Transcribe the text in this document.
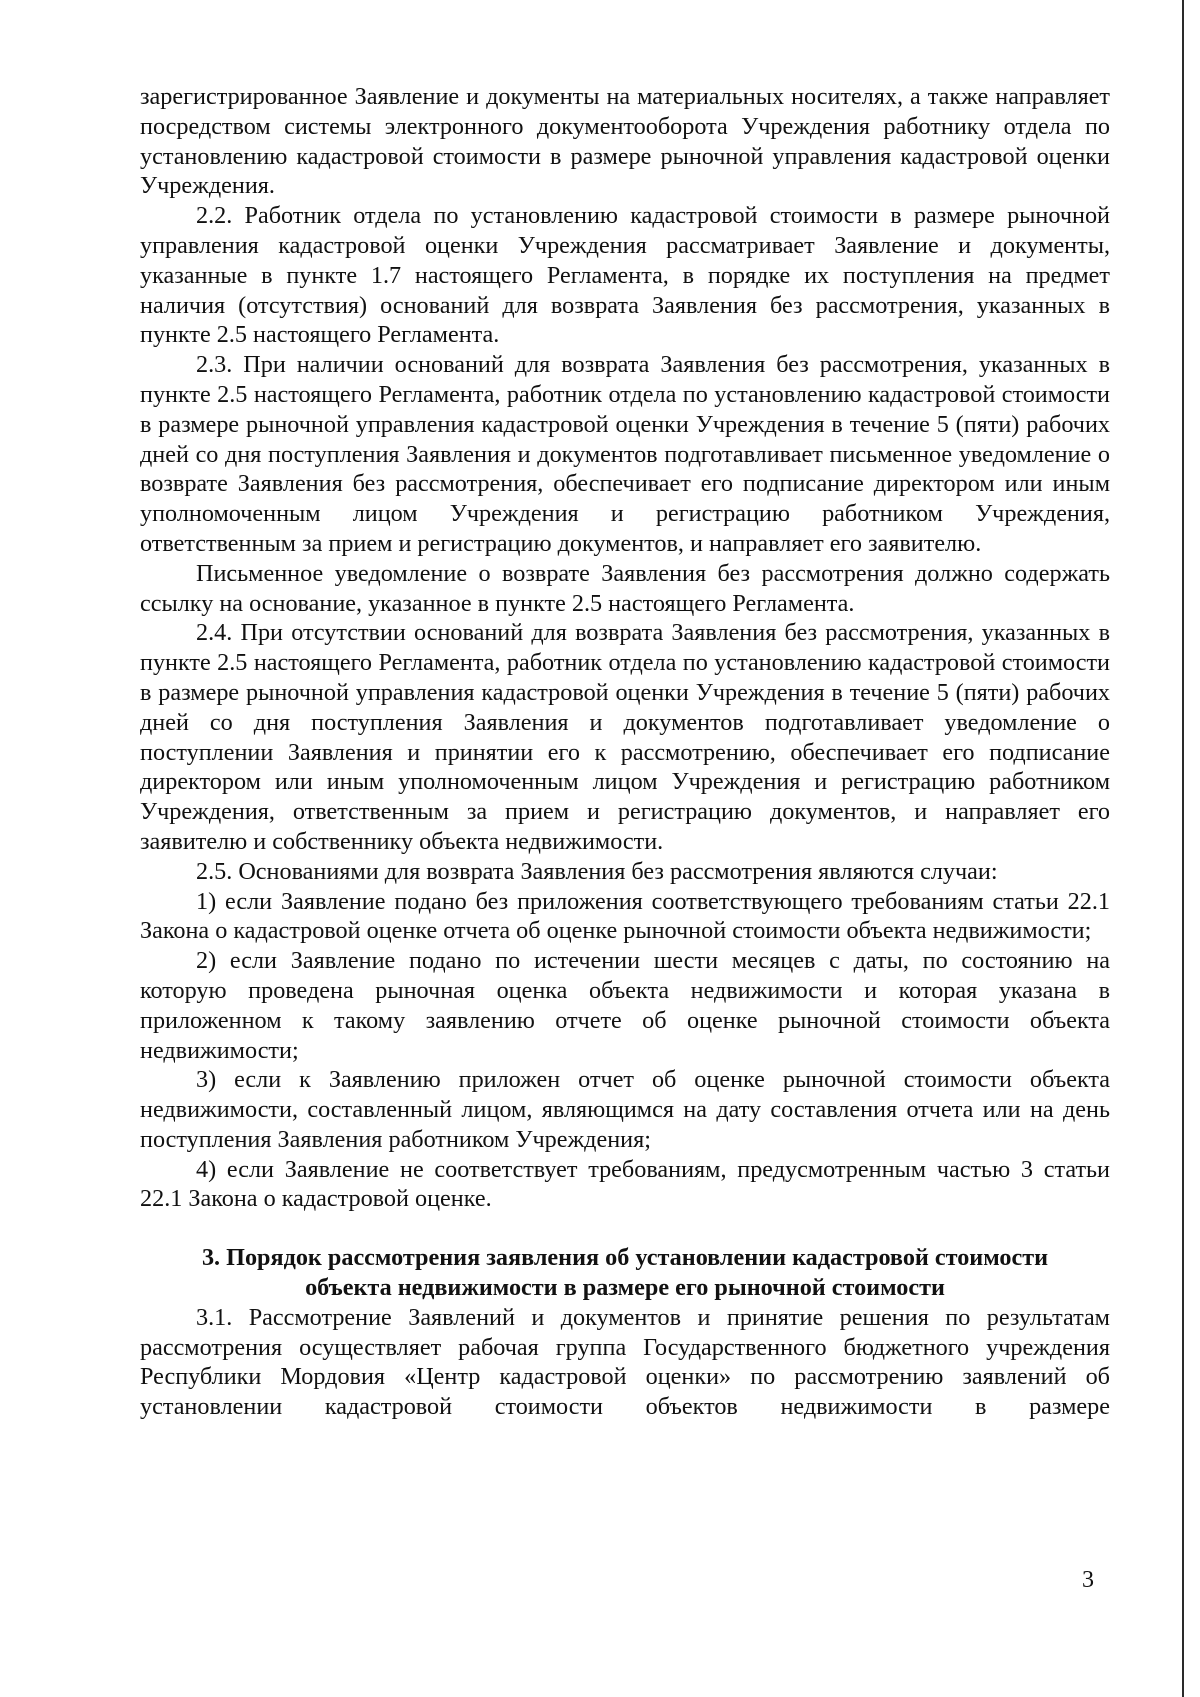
зарегистрированное Заявление и документы на материальных носителях, а также направляет посредством системы электронного документооборота Учреждения работнику отдела по установлению кадастровой стоимости в размере рыночной управления кадастровой оценки Учреждения.

2.2. Работник отдела по установлению кадастровой стоимости в размере рыночной управления кадастровой оценки Учреждения рассматривает Заявление и документы, указанные в пункте 1.7 настоящего Регламента, в порядке их поступления на предмет наличия (отсутствия) оснований для возврата Заявления без рассмотрения, указанных в пункте 2.5 настоящего Регламента.

2.3. При наличии оснований для возврата Заявления без рассмотрения, указанных в пункте 2.5 настоящего Регламента, работник отдела по установлению кадастровой стоимости в размере рыночной управления кадастровой оценки Учреждения в течение 5 (пяти) рабочих дней со дня поступления Заявления и документов подготавливает письменное уведомление о возврате Заявления без рассмотрения, обеспечивает его подписание директором или иным уполномоченным лицом Учреждения и регистрацию работником Учреждения, ответственным за прием и регистрацию документов, и направляет его заявителю.

Письменное уведомление о возврате Заявления без рассмотрения должно содержать ссылку на основание, указанное в пункте 2.5 настоящего Регламента.

2.4. При отсутствии оснований для возврата Заявления без рассмотрения, указанных в пункте 2.5 настоящего Регламента, работник отдела по установлению кадастровой стоимости в размере рыночной управления кадастровой оценки Учреждения в течение 5 (пяти) рабочих дней со дня поступления Заявления и документов подготавливает уведомление о поступлении Заявления и принятии его к рассмотрению, обеспечивает его подписание директором или иным уполномоченным лицом Учреждения и регистрацию работником Учреждения, ответственным за прием и регистрацию документов, и направляет его заявителю и собственнику объекта недвижимости.

2.5. Основаниями для возврата Заявления без рассмотрения являются случаи:

1) если Заявление подано без приложения соответствующего требованиям статьи 22.1 Закона о кадастровой оценке отчета об оценке рыночной стоимости объекта недвижимости;

2) если Заявление подано по истечении шести месяцев с даты, по состоянию на которую проведена рыночная оценка объекта недвижимости и которая указана в приложенном к такому заявлению отчете об оценке рыночной стоимости объекта недвижимости;

3) если к Заявлению приложен отчет об оценке рыночной стоимости объекта недвижимости, составленный лицом, являющимся на дату составления отчета или на день поступления Заявления работником Учреждения;

4) если Заявление не соответствует требованиям, предусмотренным частью 3 статьи 22.1 Закона о кадастровой оценке.

3. Порядок рассмотрения заявления об установлении кадастровой стоимости
объекта недвижимости в размере его рыночной стоимости

3.1. Рассмотрение Заявлений и документов и принятие решения по результатам рассмотрения осуществляет рабочая группа Государственного бюджетного учреждения Республики Мордовия «Центр кадастровой оценки» по рассмотрению заявлений об установлении кадастровой стоимости объектов недвижимости в размере

3
